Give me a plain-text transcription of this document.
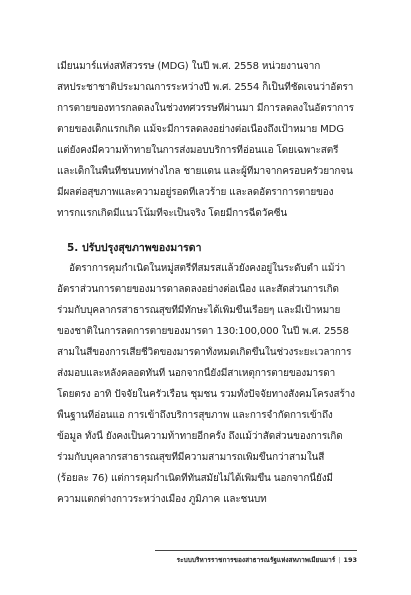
เมียนมาร์แห่งสหัสวรรษ (MDG) ในปี พ.ศ. 2558 หน่วยงานจาก
สหประชาชาติประมาณการระหว่างปี พ.ศ. 2554 ก็เป็นที่ชัดเจนว่าอัตรา
การตายของทารกลดลงในช่วงทศวรรษที่ผ่านมา มีการลดลงในอัตราการ
ตายของเด็กแรกเกิด แม้จะมีการลดลงอย่างต่อเนื่องถึงเป้าหมาย MDG
แต่ยังคงมีความท้าทายในการส่งมอบบริการที่อ่อนแอ โดยเฉพาะสตรี
และเด็กในพื้นที่ชนบทห่างไกล ชายแดน และผู้ที่มาจากครอบครัวยากจน
มีผลต่อสุขภาพและความอยู่รอดที่เลวร้าย และลดอัตราการตายของ
ทารกแรกเกิดมีแนวโน้มที่จะเป็นจริง โดยมีการฉีดวัคซีน
5. ปรับปรุงสุขภาพของมารดา
อัตราการคุมกำเนิดในหมู่สตรีที่สมรสแล้วยังคงอยู่ในระดับต่ำ แม้ว่า
อัตราส่วนการตายของมารดาลดลงอย่างต่อเนื่อง และสัดส่วนการเกิด
ร่วมกับบุคลากรสาธารณสุขที่มีทักษะได้เพิ่มขึ้นเรื่อยๆ และมีเป้าหมาย
ของชาติในการลดการตายของมารดา 130:100,000 ในปี พ.ศ. 2558
สามในสี่ของการเสียชีวิตของมารดาทั้งหมดเกิดขึ้นในช่วงระยะเวลาการ
ส่งมอบและหลังคลอดทันที นอกจากนี้ยังมีสาเหตุการตายของมารดา
โดยตรง อาทิ ปัจจัยในครัวเรือน ชุมชน รวมทั้งปัจจัยทางสังคมโครงสร้าง
พื้นฐานที่อ่อนแอ การเข้าถึงบริการสุขภาพ และการจำกัดการเข้าถึง
ข้อมูล ทั้งนี้ ยังคงเป็นความท้าทายอีกครั้ง ถึงแม้ว่าสัดส่วนของการเกิด
ร่วมกับบุคลากรสาธารณสุขที่มีความสามารถเพิ่มขึ้นกว่าสามในสี่
(ร้อยละ 76) แต่การคุมกำเนิดที่ทันสมัยไม่ได้เพิ่มขึ้น นอกจากนี้ยังมี
ความแตกต่างกาวระหว่างเมือง ภูมิภาค และชนบท
ระบบบริหารราชการของสาธารณรัฐแห่งสหภาพเมียนมาร์ | 193
